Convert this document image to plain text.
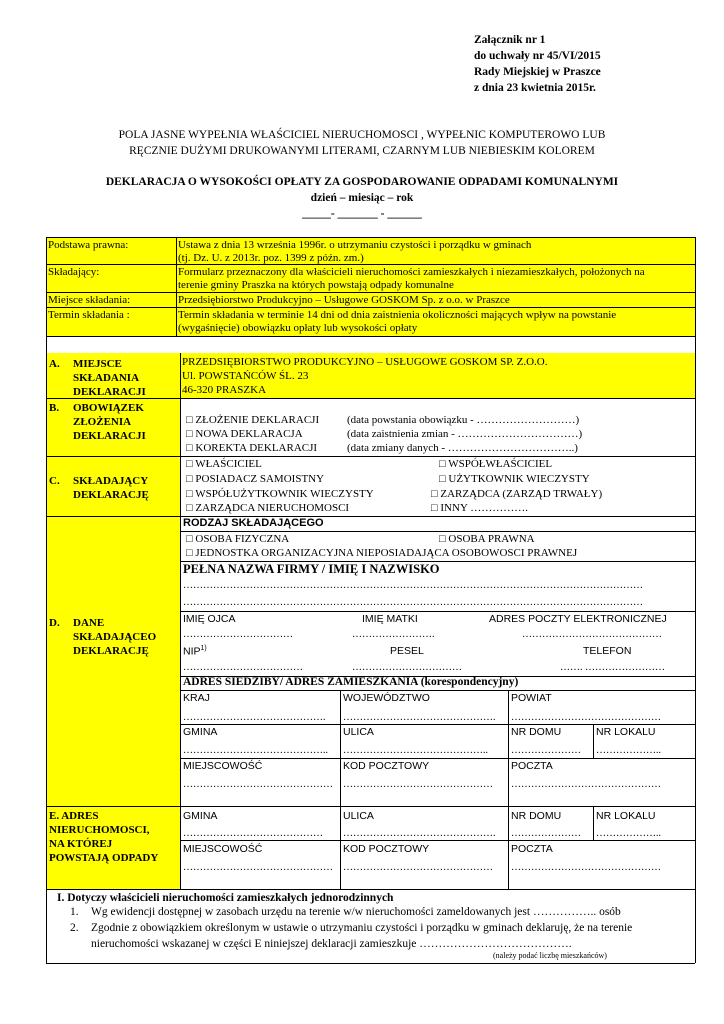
Załącznik nr 1
do uchwały nr 45/VI/2015
Rady Miejskiej w Praszce
z dnia 23 kwietnia 2015r.
POLA JASNE WYPEŁNIA WŁAŚCICIEL NIERUCHOMOSCI , WYPEŁNIC KOMPUTEROWO LUB
RĘCZNIE DUŻYMI DRUKOWANYMI LITERAMI, CZARNYM LUB NIEBIESKIM KOLOREM
DEKLARACJA O WYSOKOŚCI OPŁATY ZA GOSPODAROWANIE ODPADAMI KOMUNALNYMI
dzień – miesiąc – rok
_____- _______ - ______
Podstawa prawna:	Ustawa z dnia 13 września 1996r. o utrzymaniu czystości i porządku w gminach
(tj. Dz. U. z 2013r. poz. 1399 z późn. zm.)
Składający:	Formularz przeznaczony dla właścicieli nieruchomości zamieszkałych i niezamieszkałych, położonych na
terenie gminy Praszka na których powstają odpady komunalne
Miejsce składania:	Przedsiębiorstwo Produkcyjno – Usługowe GOSKOM Sp. z o.o. w Praszce
Termin składania :	Termin składania w terminie 14 dni od dnia zaistnienia okoliczności mających wpływ na powstanie
(wygaśnięcie) obowiązku opłaty lub wysokości opłaty
A. MIEJSCE
SKŁADANIA
DEKLARACJI
PRZEDSIĘBIORSTWO PRODUKCYJNO – USŁUGOWE GOSKOM SP. Z.O.O.
Ul. POWSTAŃCÓW ŚL. 23
46-320 PRASZKA
B. OBOWIĄZEK
ZŁOŻENIA
DEKLARACJI
□ ZŁOŻENIE DEKLARACJI	(data powstania obowiązku - ………………………)
□ NOWA DEKLARACJA	(data zaistnienia zmian - ……………………………)
□ KOREKTA DEKLARACJI	(data zmiany danych - ……………………………..)
C. SKŁADAJĄCY
DEKLARACJĘ
□ WŁAŚCICIEL	□ WSPÓŁWŁAŚCICIEL
□ POSIADACZ SAMOISTNY	□ UŻYTKOWNIK WIECZYSTY
□ WSPÓŁUŻYTKOWNIK WIECZYSTY	□ ZARZĄDCA (ZARZĄD TRWAŁY)
□ ZARZĄDCA NIERUCHOMOSCI	□ INNY …………….
D. DANE
SKŁADAJĄCEO
DEKLARACJĘ
RODZAJ SKŁADAJĄCEGO
□ OSOBA FIZYCZNA	□ OSOBA PRAWNA
□ JEDNOSTKA ORGANIZACYJNA NIEPOSIADAJĄCA OSOBOWOSCI PRAWNEJ
PEŁNA NAZWA FIRMY / IMIĘ I NAZWISKO
…………………………………………………………………………………………………………………………
…………………………………………………………………………………………………………………………
IMIĘ OJCA	IMIĘ MATKI	ADRES POCZTY ELEKTRONICZNEJ
……………………………	…………………….	……………………………………
NIP$^{1)}$	PESEL	TELEFON
………………………………	……………………………	……. ……………………
ADRES SIEDZIBY/ ADRES ZAMIESZKANIA (korespondencyjny)
KRAJ	WOJEWÓDZTWO	POWIAT
…………………………………….	……………………………………….	………………………………………
GMINA	ULICA	NR DOMU	NR LOKALU
……………………………………..	……………………………………..	…………………	………………..
MIEJSCOWOŚĆ	KOD POCZTOWY	POCZTA
………………………………………	………………………………………	………………………………………
E. ADRES
NIERUCHOMOSCI,
NA KTÓREJ
POWSTAJĄ ODPADY
GMINA	ULICA	NR DOMU	NR LOKALU
……………………………………	……………………………………….	…………………	………………..
MIEJSCOWOŚĆ	KOD POCZTOWY	POCZTA
………………………………………	………………………………………	………………………………………
I. Dotyczy właścicieli nieruchomości zamieszkałych jednorodzinnych
1. Wg ewidencji dostępnej w zasobach urzędu na terenie w/w nieruchomości zameldowanych jest …………….. osób
2. Zgodnie z obowiązkiem określonym w ustawie o utrzymaniu czystości i porządku w gminach deklaruję, że na terenie
nieruchomości wskazanej w części E niniejszej deklaracji zamieszkuje ………………………………….
(należy podać liczbę mieszkańców)
